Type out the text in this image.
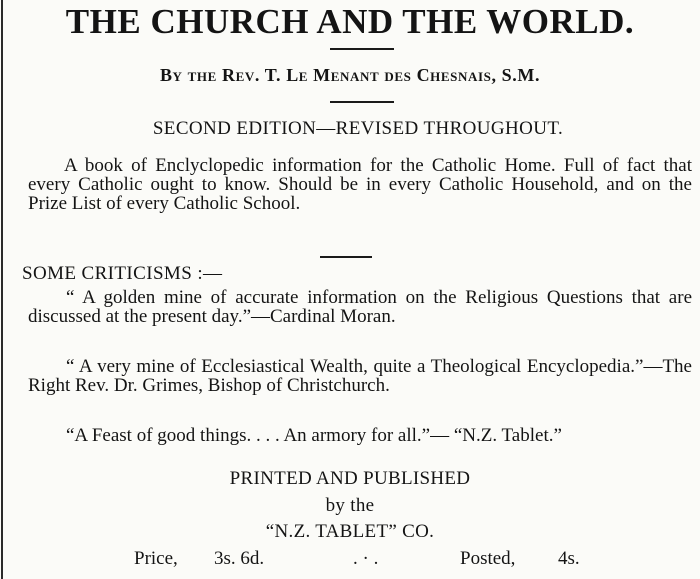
THE CHURCH AND THE WORLD.
By the Rev. T. Le Menant des Chesnais, S.M.
SECOND EDITION—REVISED THROUGHOUT.
A book of Enclyclopedic information for the Catholic Home. Full of fact that every Catholic ought to know. Should be in every Catholic Household, and on the Prize List of every Catholic School.
SOME CRITICISMS :—
“ A golden mine of accurate information on the Religious Questions that are discussed at the present day.”—Cardinal Moran.
“ A very mine of Ecclesiastical Wealth, quite a Theological Encyclopedia.”—The Right Rev. Dr. Grimes, Bishop of Christchurch.
“A Feast of good things. . . . An armory for all.”— “N.Z. Tablet.”
PRINTED AND PUBLISHED
by the
“N.Z. TABLET” CO.
Price, 3s. 6d.	. · .	Posted, 4s.
